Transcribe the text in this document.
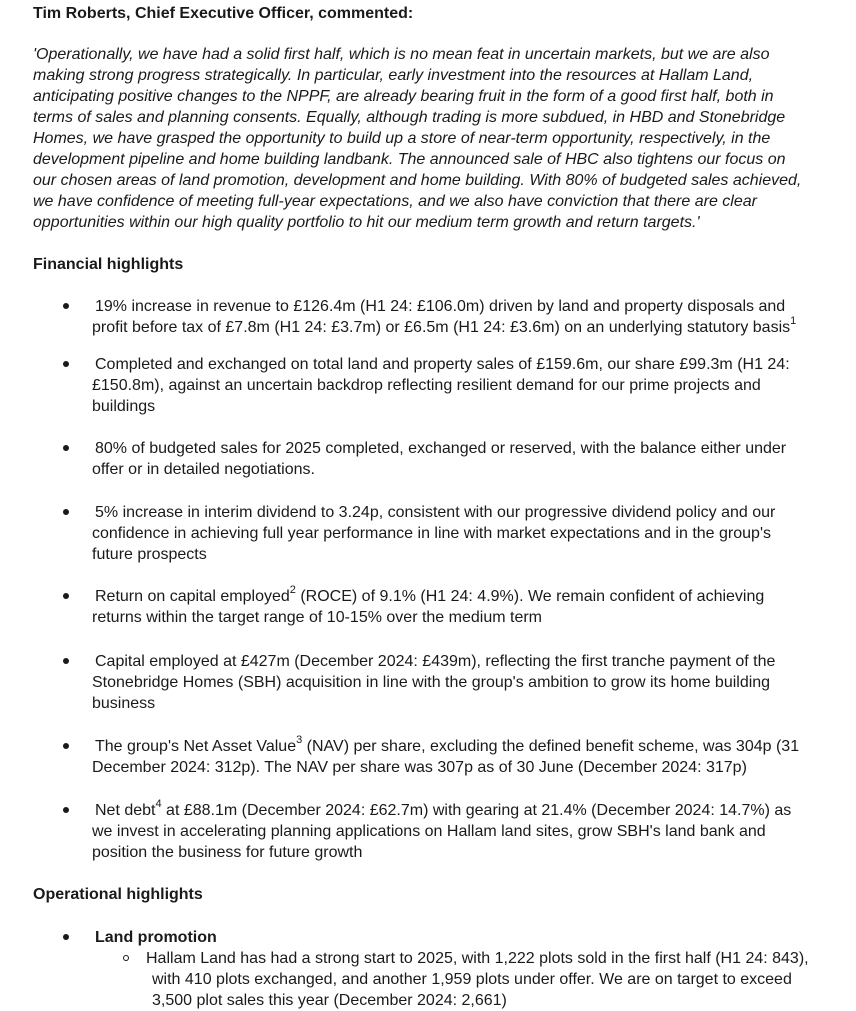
Tim Roberts, Chief Executive Officer, commented:
'Operationally, we have had a solid first half, which is no mean feat in uncertain markets, but we are also
making strong progress strategically. In particular, early investment into the resources at Hallam Land,
anticipating positive changes to the NPPF, are already bearing fruit in the form of a good first half, both in
terms of sales and planning consents. Equally, although trading is more subdued, in HBD and Stonebridge
Homes, we have grasped the opportunity to build up a store of near-term opportunity, respectively, in the
development pipeline and home building landbank. The announced sale of HBC also tightens our focus on
our chosen areas of land promotion, development and home building. With 80% of budgeted sales achieved,
we have confidence of meeting full-year expectations, and we also have conviction that there are clear
opportunities within our high quality portfolio to hit our medium term growth and return targets.'
Financial highlights
19% increase in revenue to £126.4m (H1 24: £106.0m) driven by land and property disposals and
profit before tax of £7.8m (H1 24: £3.7m) or £6.5m (H1 24: £3.6m) on an underlying statutory basis$^1$
Completed and exchanged on total land and property sales of £159.6m, our share £99.3m (H1 24:
£150.8m), against an uncertain backdrop reflecting resilient demand for our prime projects and
buildings
80% of budgeted sales for 2025 completed, exchanged or reserved, with the balance either under
offer or in detailed negotiations.
5% increase in interim dividend to 3.24p, consistent with our progressive dividend policy and our
confidence in achieving full year performance in line with market expectations and in the group's
future prospects
Return on capital employed$^2$ (ROCE) of 9.1% (H1 24: 4.9%). We remain confident of achieving
returns within the target range of 10-15% over the medium term
Capital employed at £427m (December 2024: £439m), reflecting the first tranche payment of the
Stonebridge Homes (SBH) acquisition in line with the group's ambition to grow its home building
business
The group's Net Asset Value$^3$ (NAV) per share, excluding the defined benefit scheme, was 304p (31
December 2024: 312p). The NAV per share was 307p as of 30 June (December 2024: 317p)
Net debt$^4$ at £88.1m (December 2024: £62.7m) with gearing at 21.4% (December 2024: 14.7%) as
we invest in accelerating planning applications on Hallam land sites, grow SBH's land bank and
position the business for future growth
Operational highlights
Land promotion
Hallam Land has had a strong start to 2025, with 1,222 plots sold in the first half (H1 24: 843),
with 410 plots exchanged, and another 1,959 plots under offer. We are on target to exceed
3,500 plot sales this year (December 2024: 2,661)
